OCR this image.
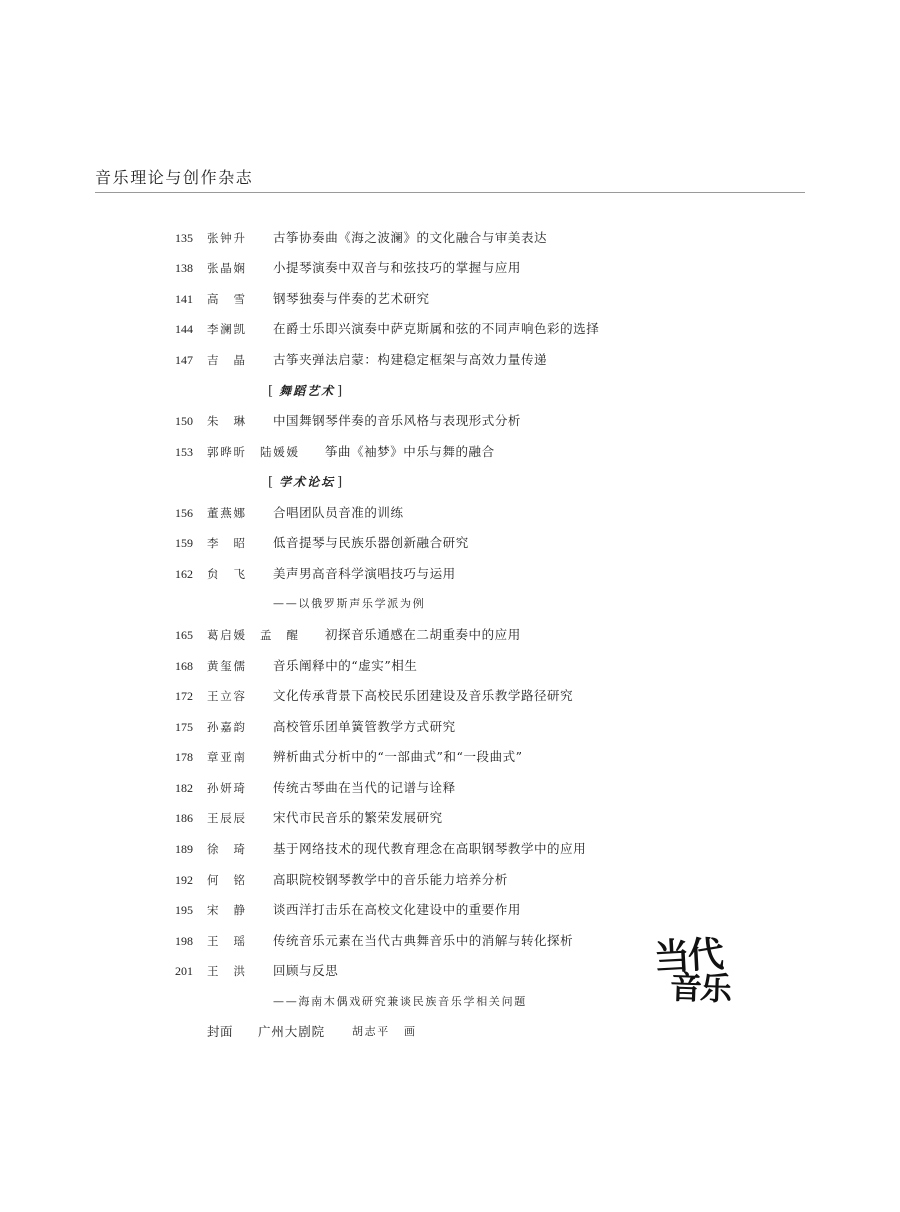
音乐理论与创作杂志
135 张钟升 古筝协奏曲《海之波澜》的文化融合与审美表达
138 张晶娴 小提琴演奏中双音与和弦技巧的掌握与应用
141 高 雪 钢琴独奏与伴奏的艺术研究
144 李澜凯 在爵士乐即兴演奏中萨克斯属和弦的不同声响色彩的选择
147 吉 晶 古筝夹弹法启蒙：构建稳定框架与高效力量传递
[ 舞蹈艺术 ]
150 朱 琳 中国舞钢琴伴奏的音乐风格与表现形式分析
153 郭晔昕 陆媛媛 筝曲《袖梦》中乐与舞的融合
[ 学术论坛 ]
156 董燕娜 合唱团队员音准的训练
159 李 昭 低音提琴与民族乐器创新融合研究
162 贠 飞 美声男高音科学演唱技巧与运用
——以俄罗斯声乐学派为例
165 葛启媛 孟 醒 初探音乐通感在二胡重奏中的应用
168 黄玺儒 音乐阐释中的“虚实”相生
172 王立容 文化传承背景下高校民乐团建设及音乐教学路径研究
175 孙嘉韵 高校管乐团单簧管教学方式研究
178 章亚南 辨析曲式分析中的“一部曲式”和“一段曲式”
182 孙妍琦 传统古琴曲在当代的记谱与诠释
186 王辰辰 宋代市民音乐的繁荣发展研究
189 徐 琦 基于网络技术的现代教育理念在高职钢琴教学中的应用
192 何 铭 高职院校钢琴教学中的音乐能力培养分析
195 宋 静 谈西洋打击乐在高校文化建设中的重要作用
198 王 瑶 传统音乐元素在当代古典舞音乐中的消解与转化探析
201 王 洪 回顾与反思
——海南木偶戏研究兼谈民族音乐学相关问题
封面 广州大剧院 胡志平 画
当代
音乐
